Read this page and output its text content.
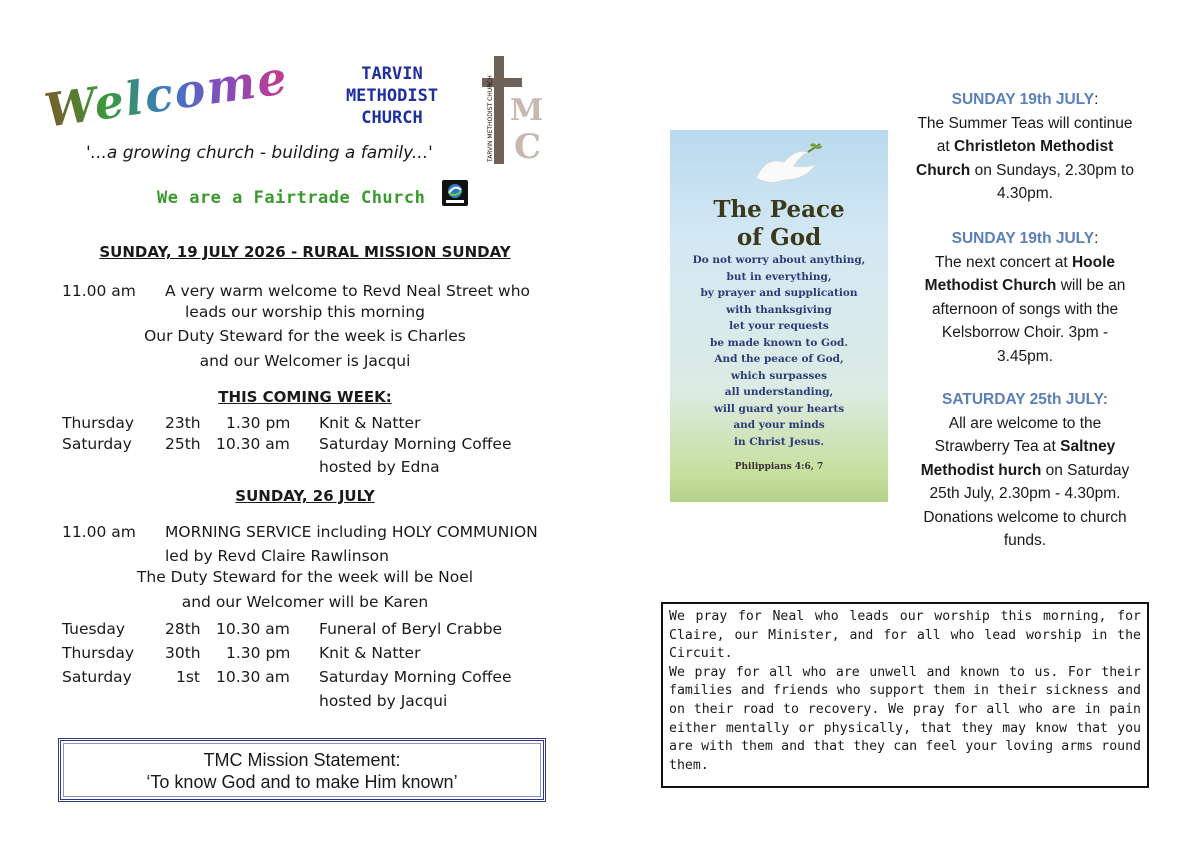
Welcome	TARVIN
METHODIST
CHURCH	TARVIN METHODIST CHURCH M
C
'...a growing church - building a family...'
We are a Fairtrade Church
SUNDAY, 19 JULY 2026 - RURAL MISSION SUNDAY
11.00 am A very warm welcome to Revd Neal Street who
leads our worship this morning
Our Duty Steward for the week is Charles
and our Welcomer is Jacqui
THIS COMING WEEK:
Thursday 23th 1.30 pm Knit & Natter
Saturday 25th 10.30 am Saturday Morning Coffee
hosted by Edna
SUNDAY, 26 JULY
11.00 am MORNING SERVICE including HOLY COMMUNION
led by Revd Claire Rawlinson
The Duty Steward for the week will be Noel
and our Welcomer will be Karen
Tuesday	28th 10.30 am Funeral of Beryl Crabbe
Thursday 30th 1.30 pm Knit & Natter
Saturday	1st 10.30 am Saturday Morning Coffee
hosted by Jacqui
TMC Mission Statement:
‘To know God and to make Him known’
The Peace
of God
Do not worry about anything,
but in everything,
by prayer and supplication
with thanksgiving
let your requests
be made known to God.
And the peace of God,
which surpasses
all understanding,
will guard your hearts
and your minds
in Christ Jesus.
Philippians 4:6, 7
SUNDAY 19th JULY:
The Summer Teas will continue at Christleton Methodist Church on Sundays, 2.30pm to 4.30pm.
SUNDAY 19th JULY:
The next concert at Hoole Methodist Church will be an afternoon of songs with the Kelsborrow Choir. 3pm - 3.45pm.
SATURDAY 25th JULY:
All are welcome to the Strawberry Tea at Saltney Methodist hurch on Saturday 25th July, 2.30pm - 4.30pm. Donations welcome to church funds.

We pray for Neal who leads our worship this morning, for Claire, our Minister, and for all who lead worship in the Circuit.

We pray for all who are unwell and known to us. For their families and friends who support them in their sickness and on their road to recovery. We pray for all who are in pain either mentally or physically, that they may know that you are with them and that they can feel your loving arms round them.
